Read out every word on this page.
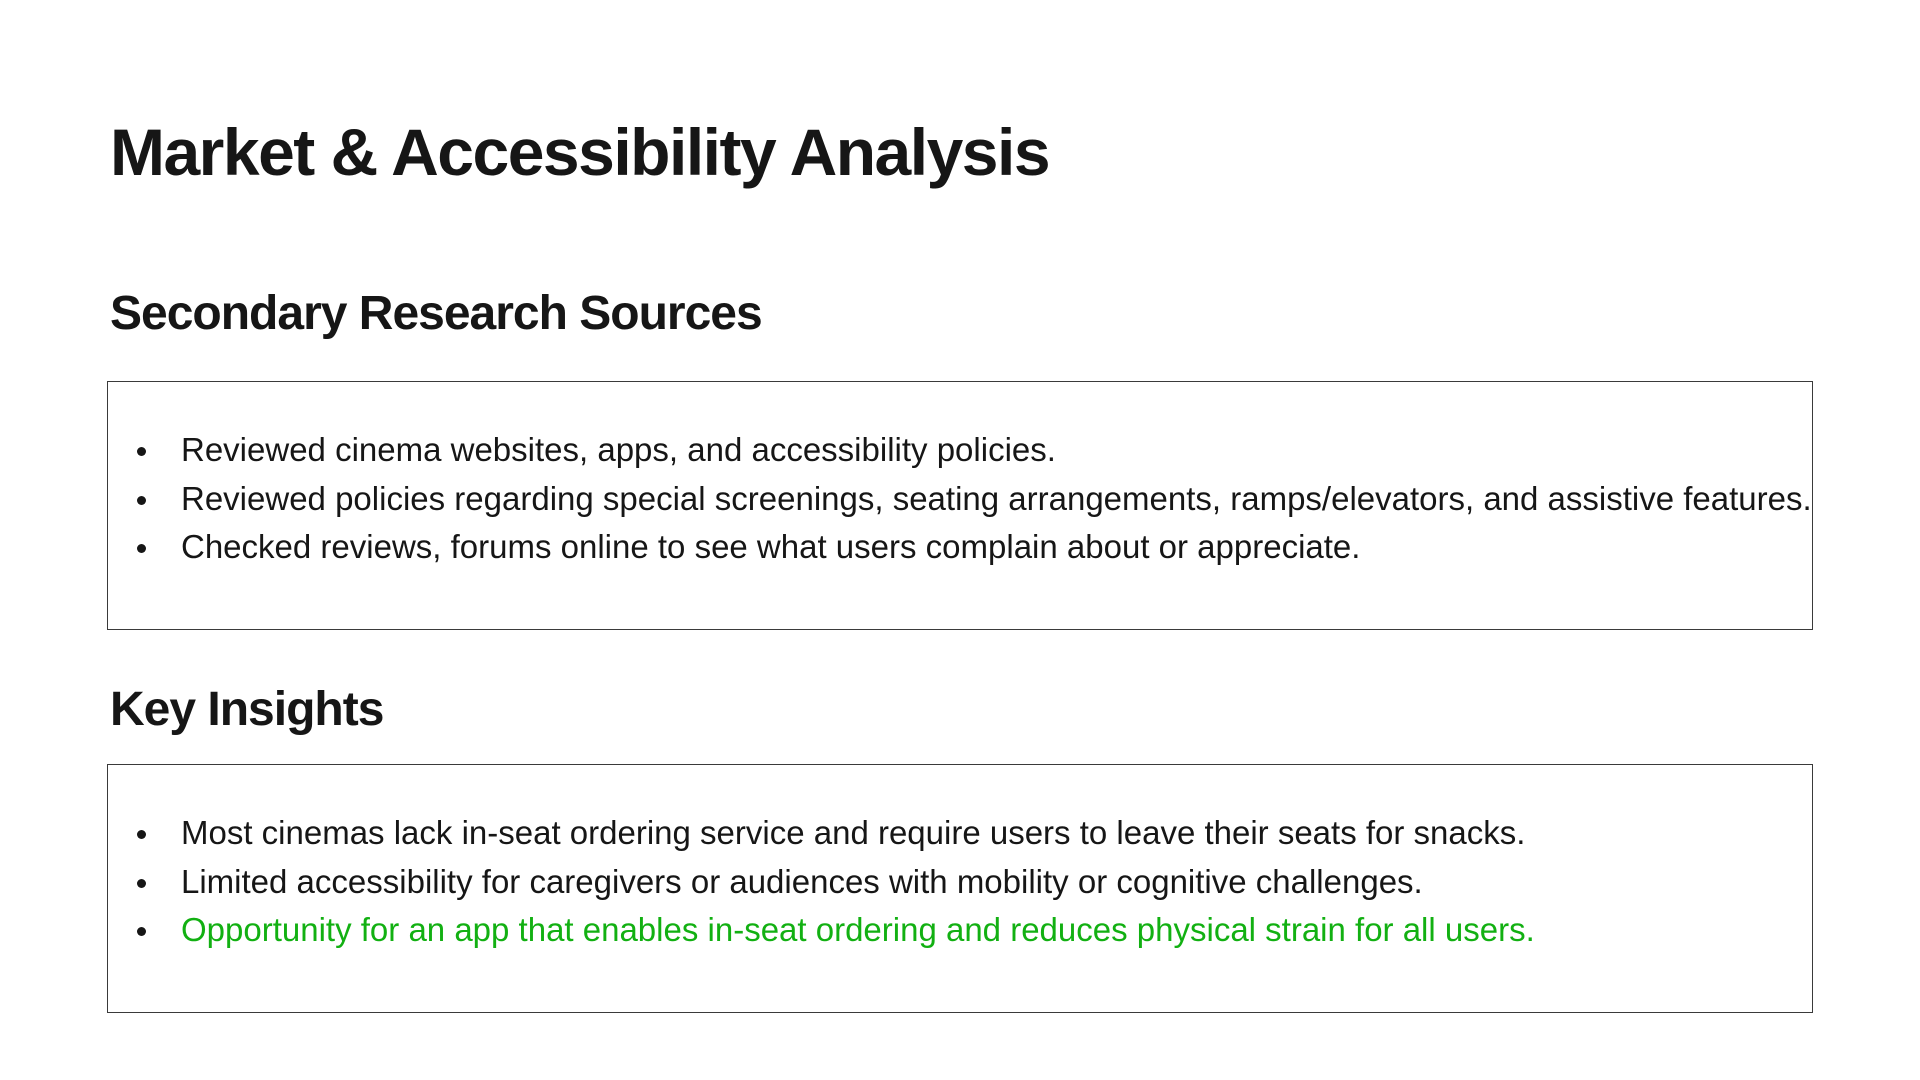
Market & Accessibility Analysis
Secondary Research Sources
Reviewed cinema websites, apps, and accessibility policies.
Reviewed policies regarding special screenings, seating arrangements, ramps/elevators, and assistive features.
Checked reviews, forums online to see what users complain about or appreciate.
Key Insights
Most cinemas lack in-seat ordering service and require users to leave their seats for snacks.
Limited accessibility for caregivers or audiences with mobility or cognitive challenges.
Opportunity for an app that enables in-seat ordering and reduces physical strain for all users.
